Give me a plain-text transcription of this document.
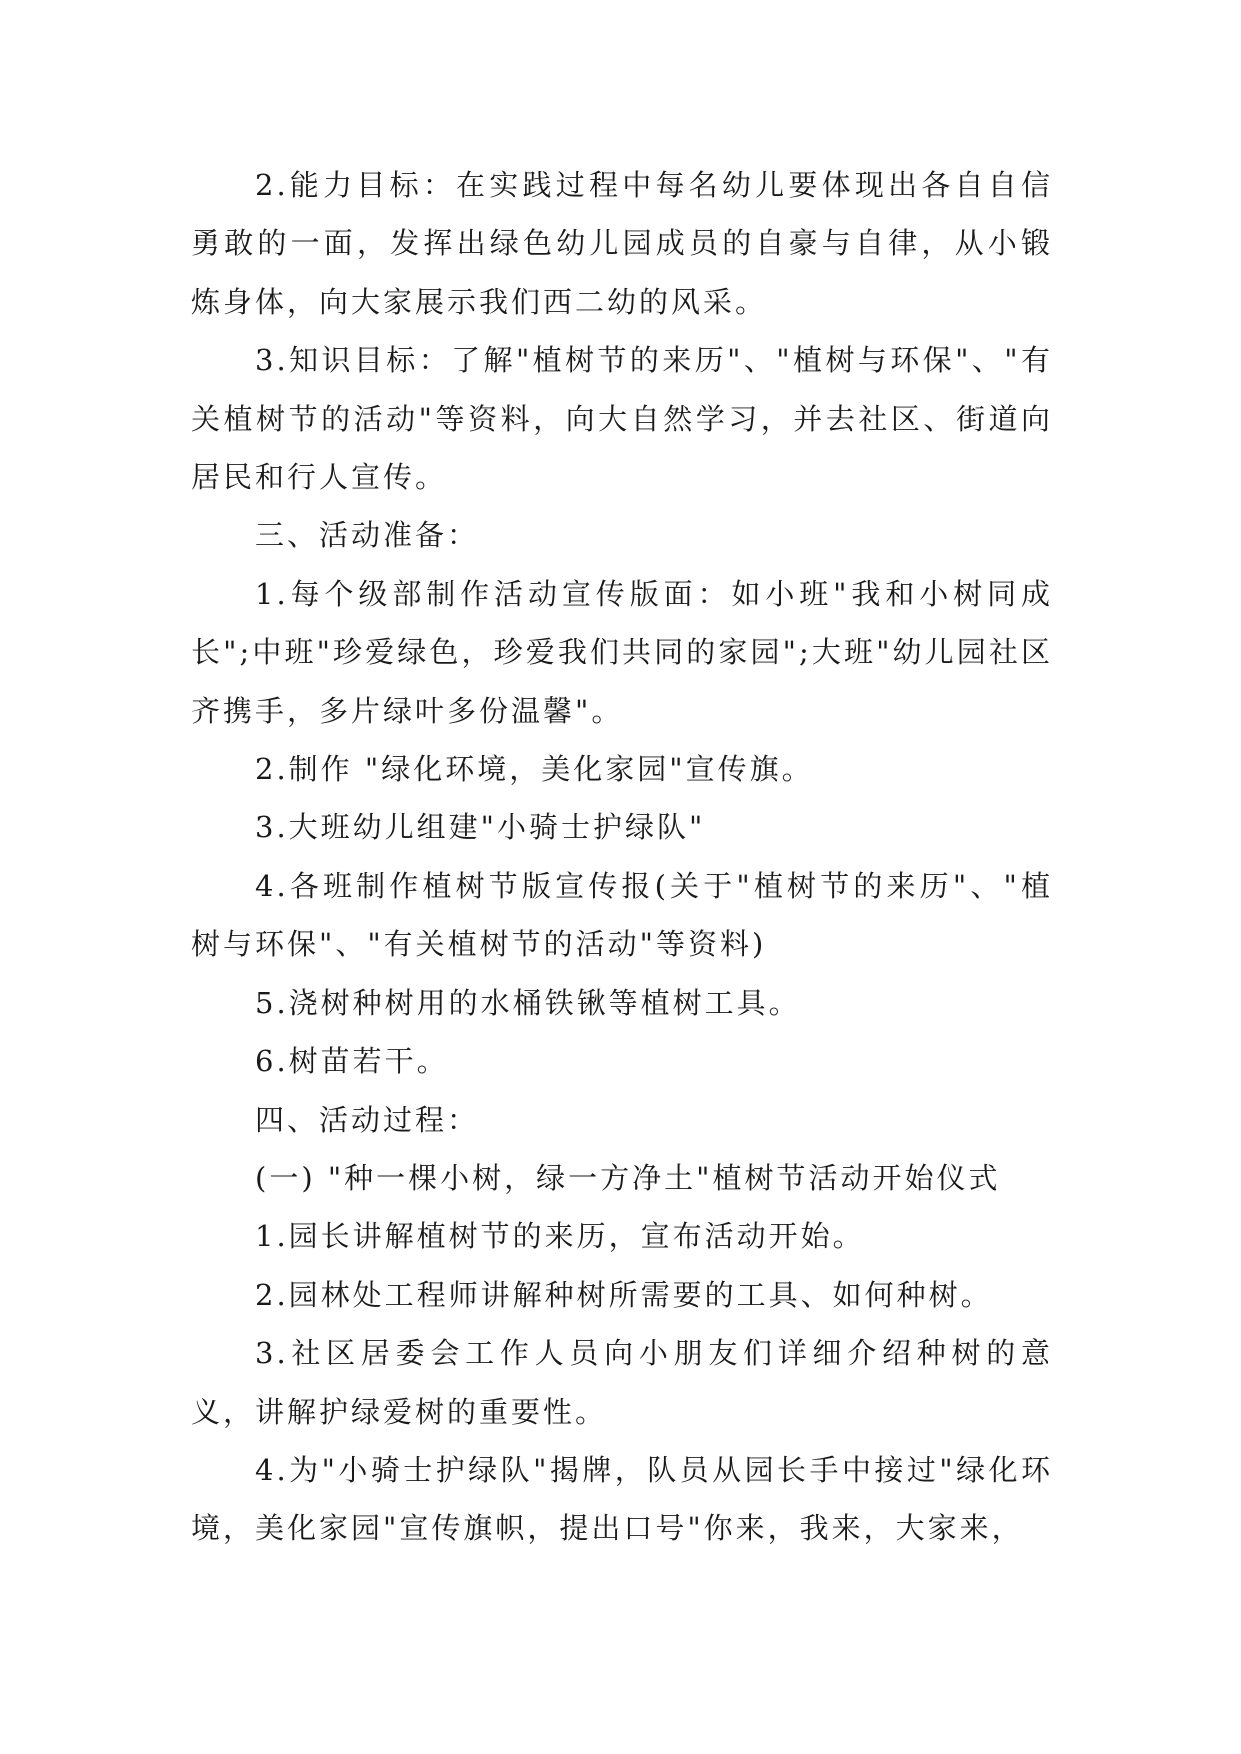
2.能力目标：在实践过程中每名幼儿要体现出各自自信勇敢的一面，发挥出绿色幼儿园成员的自豪与自律，从小锻炼身体，向大家展示我们西二幼的风采。

3.知识目标：了解"植树节的来历"、"植树与环保"、"有关植树节的活动"等资料，向大自然学习，并去社区、街道向居民和行人宣传。

三、活动准备：

1.每个级部制作活动宣传版面：如小班"我和小树同成长";中班"珍爱绿色，珍爱我们共同的家园";大班"幼儿园社区齐携手，多片绿叶多份温馨"。

2.制作 "绿化环境，美化家园"宣传旗。

3.大班幼儿组建"小骑士护绿队"

4.各班制作植树节版宣传报(关于"植树节的来历"、"植树与环保"、"有关植树节的活动"等资料)

5.浇树种树用的水桶铁锹等植树工具。

6.树苗若干。

四、活动过程：

(一) "种一棵小树，绿一方净土"植树节活动开始仪式

1.园长讲解植树节的来历，宣布活动开始。

2.园林处工程师讲解种树所需要的工具、如何种树。

3.社区居委会工作人员向小朋友们详细介绍种树的意义，讲解护绿爱树的重要性。

4.为"小骑士护绿队"揭牌，队员从园长手中接过"绿化环境，美化家园"宣传旗帜，提出口号"你来，我来，大家来，
